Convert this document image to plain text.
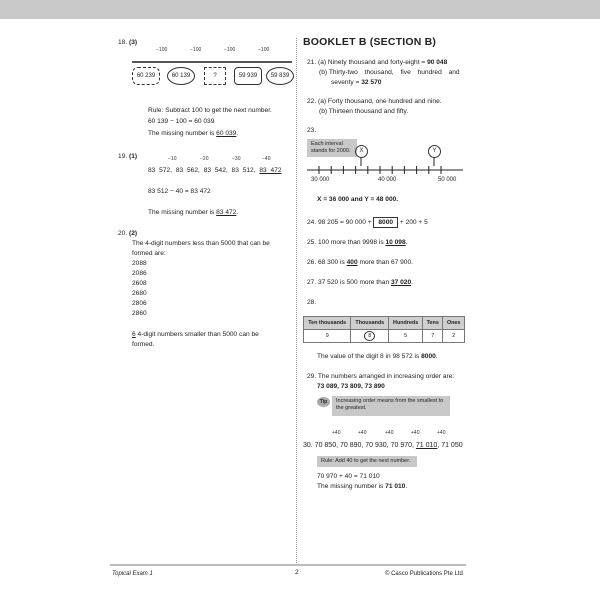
18. (3)
−100	−100	−100	−100
60 239	60 139	?	59 939	59 839
Rule: Subtract 100 to get the next number.
60 139 − 100 = 60 039
The missing number is 60 039.
19. (1)	−10	−20	−30	−40
83 572, 83 562, 83 542, 83 512, 83 472
83 512 − 40 = 83 472
The missing number is 83 472.
20. (2)
The 4-digit numbers less than 5000 that can be
formed are:
2088
2086
2608
2680
2806
2860
6 4-digit numbers smaller than 5000 can be
formed.
BOOKLET B (SECTION B)
21. (a) Ninety thousand and forty-eight = 90 048
(b) Thirty-two thousand, five hundred and
seventy = 32 570
22. (a) Forty thousand, one hundred and nine.
(b) Thirteen thousand and fifty.
23.
Each interval stands for 2000.	X	Y
30 000	40 000	50 000
X = 36 000 and Y = 48 000.
24. 98 205 = 90 000 + 8000 + 200 + 5
25. 100 more than 9998 is 10 098.
26. 68 300 is 400 more than 67 900.
27. 37 520 is 500 more than 37 020.
28.
Ten thousands	Thousands	Hundreds	Tens	Ones
9	8	5	7	2
The value of the digit 8 in 98 572 is 8000.
29. The numbers arranged in increasing order are:
73 089, 73 809, 73 890
Increasing order means from the smallest to the greatest.
Tip
+40	+40	+40	+40	+40
30. 70 850, 70 890, 70 930, 70 970, 71 010, 71 050
Rule: Add 40 to get the next number.
70 970 + 40 = 71 010
The missing number is 71 010.
Topical Exam 1	2	© Casco Publications Pte Ltd
